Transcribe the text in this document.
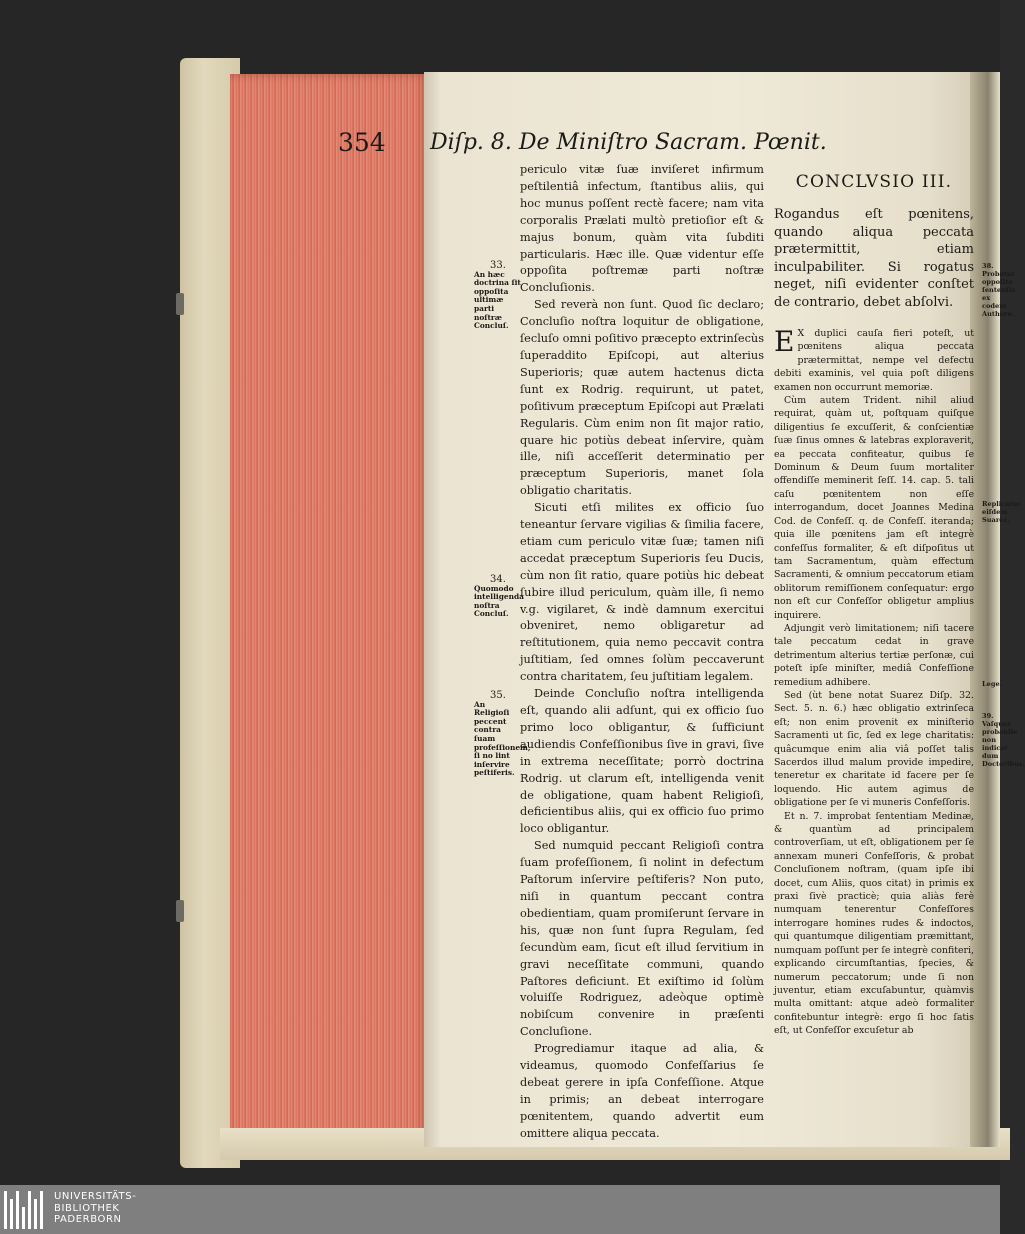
354 Diſp. 8. De Miniſtro Sacram. Pœnit.

periculo vitæ ſuæ inviſeret infirmum peſtilentiâ infectum, ſtantibus aliis, qui hoc munus poſſent rectè facere; nam vita corporalis Prælati multò pretioſior eſt & majus bonum, quàm vita ſubditi particularis. Hæc ille. Quæ videntur eſſe oppoſita poſtremæ parti noſtræ Concluſionis.

Sed reverà non ſunt. Quod ſic declaro; Concluſio noſtra loquitur de obligatione, ſecluſo omni poſitivo præcepto extrinſecùs ſuperaddito Epiſcopi, aut alterius Superioris; quæ autem hactenus dicta ſunt ex Rodrig. requirunt, ut patet, poſitivum præceptum Epiſcopi aut Prælati Regularis. Cùm enim non ſit major ratio, quare hic potiùs debeat inſervire, quàm ille, niſi acceſſerit determinatio per præceptum Superioris, manet ſola obligatio charitatis.

Sicuti etſi milites ex officio ſuo teneantur ſervare vigilias & ſimilia facere, etiam cum periculo vitæ ſuæ; tamen niſi accedat præceptum Superioris ſeu Ducis, cùm non ſit ratio, quare potiùs hic debeat ſubire illud periculum, quàm ille, ſi nemo v.g. vigilaret, & indè damnum exercitui obveniret, nemo obligaretur ad reſtitutionem, quia nemo peccavit contra juſtitiam, ſed omnes ſolùm peccaverunt contra charitatem, ſeu juſtitiam legalem.

Deinde Concluſio noſtra intelligenda eſt, quando alii adſunt, qui ex officio ſuo primo loco obligantur, & ſufficiunt audiendis Confeſſionibus ſive in gravi, ſive in extrema neceſſitate; porrò doctrina Rodrig. ut clarum eſt, intelligenda venit de obligatione, quam habent Religioſi, deficientibus aliis, qui ex officio ſuo primo loco obligantur.

Sed numquid peccant Religioſi contra ſuam profeſſionem, ſi nolint in defectum Paſtorum inſervire peſtiferis? Non puto, niſi in quantum peccant contra obedientiam, quam promiſerunt ſervare in his, quæ non ſunt ſupra Regulam, ſed ſecundùm eam, ſicut eſt illud ſervitium in gravi neceſſitate communi, quando Paſtores deficiunt. Et exiſtimo id ſolùm voluiſſe Rodriguez, adeòque optimè nobiſcum convenire in præſenti Concluſione.

Progrediamur itaque ad alia, & videamus, quomodo Confeſſarius ſe debeat gerere in ipſa Confeſſione. Atque in primis; an debeat interrogare pœnitentem, quando advertit eum omittere aliqua peccata.

33.
An hæc doctrina ſit oppoſita ultimæ parti noſtræ Concluſ.
34.
Quomodo intelligenda noſtra Concluſ.
35.
An Religioſi peccent contra ſuam profeſſionem, ſi no lint inſervire peſtiferis.
CONCLVSIO III.
Rogandus eſt pœnitens, quando aliqua peccata prætermittit, etiam inculpabiliter. Si rogatus neget, niſi evidenter conſtet de contrario, debet abſolvi.

E X duplici cauſa fieri poteſt, ut pœnitens aliqua peccata prætermittat, nempe vel defectu debiti examinis, vel quia poſt diligens examen non occurrunt memoriæ.

Cùm autem Trident. nihil aliud requirat, quàm ut, poſtquam quiſque diligentius ſe excuſſerit, & conſcientiæ ſuæ ſinus omnes & latebras exploraverit, ea peccata confiteatur, quibus ſe Dominum & Deum ſuum mortaliter offendiſſe meminerit ſeſſ. 14. cap. 5. tali caſu pœnitentem non eſſe interrogandum, docet Joannes Medina Cod. de Confeſſ. q. de Confeſſ. iteranda; quia ille pœnitens jam eſt integrè confeſſus formaliter, & eſt diſpoſitus ut tam Sacramentum, quàm effectum Sacramenti, & omnium peccatorum etiam oblitorum remiſſionem conſequatur: ergo non eſt cur Confeſſor obligetur amplius inquirere.

Adjungit verò limitationem; niſi tacere tale peccatum cedat in grave detrimentum alterius tertiæ perſonæ, cui poteſt ipſe miniſter, mediâ Confeſſione remedium adhibere.

Sed (ùt bene notat Suarez Diſp. 32. Sect. 5. n. 6.) hæc obligatio extrinſeca eſt; non enim provenit ex miniſterio Sacramenti ut ſic, ſed ex lege charitatis: quâcumque enim alia viâ poſſet talis Sacerdos illud malum provide impedire, teneretur ex charitate id facere per ſe loquendo. Hic autem agimus de obligatione per ſe vi muneris Confeſſoris.

Et n. 7. improbat ſententiam Medinæ, & quantùm ad principalem controverſiam, ut eſt, obligationem per ſe annexam muneri Confeſſoris, & probat Concluſionem noſtram, (quam ipſe ibi docet, cum Aliis, quos citat) in primis ex praxi ſivè practicè; quia aliàs ferè numquam tenerentur Confeſſores interrogare homines rudes & indoctos, qui quantumque diligentiam præmittant, numquam poſſunt per ſe integrè confiteri, explicando circumſtantias, ſpecies, & numerum peccatorum; unde ſi non juventur, etiam excuſabuntur, quàmvis multa omittant: atque adeò formaliter confitebuntur integrè: ergo ſi hoc ſatis eſt, ut Confeſſor excuſetur ab

38. Probatur oppoſita ſententia ex codem Authore.
Replicatur eiſdem Suarez.
Lege.
39. Vaſquez probabile non indicat dum Doctoribus.
UNIVERSITÄTS-
BIBLIOTHEK
PADERBORN
